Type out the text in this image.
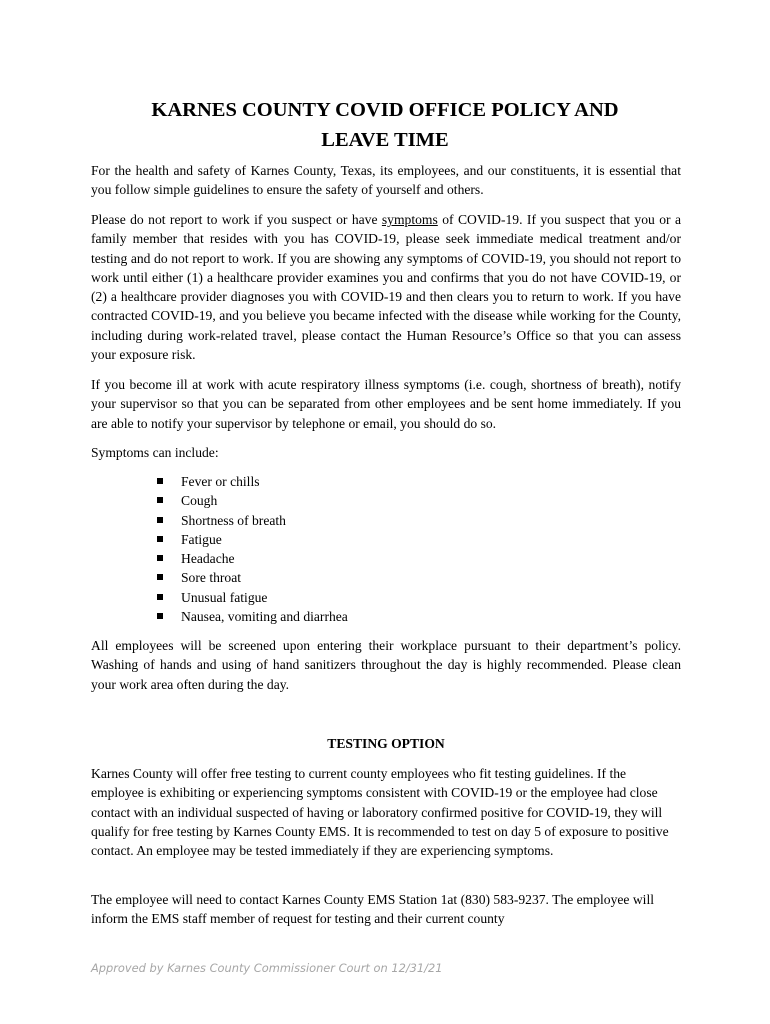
KARNES COUNTY COVID OFFICE POLICY AND
LEAVE TIME

For the health and safety of Karnes County, Texas, its employees, and our constituents, it is essential that you follow simple guidelines to ensure the safety of yourself and others.

Please do not report to work if you suspect or have symptoms of COVID-19. If you suspect that you or a family member that resides with you has COVID-19, please seek immediate medical treatment and/or testing and do not report to work. If you are showing any symptoms of COVID-19, you should not report to work until either (1) a healthcare provider examines you and confirms that you do not have COVID-19, or (2) a healthcare provider diagnoses you with COVID-19 and then clears you to return to work. If you have contracted COVID-19, and you believe you became infected with the disease while working for the County, including during work-related travel, please contact the Human Resource’s Office so that you can assess your exposure risk.

If you become ill at work with acute respiratory illness symptoms (i.e. cough, shortness of breath), notify your supervisor so that you can be separated from other employees and be sent home immediately. If you are able to notify your supervisor by telephone or email, you should do so.

Symptoms can include:

Fever or chills
Cough
Shortness of breath
Fatigue
Headache
Sore throat
Unusual fatigue
Nausea, vomiting and diarrhea

All employees will be screened upon entering their workplace pursuant to their department’s policy. Washing of hands and using of hand sanitizers throughout the day is highly recommended. Please clean your work area often during the day.

TESTING OPTION

Karnes County will offer free testing to current county employees who fit testing guidelines. If the employee is exhibiting or experiencing symptoms consistent with COVID-19 or the employee had close contact with an individual suspected of having or laboratory confirmed positive for COVID-19, they will qualify for free testing by Karnes County EMS. It is recommended to test on day 5 of exposure to positive contact. An employee may be tested immediately if they are experiencing symptoms.

The employee will need to contact Karnes County EMS Station 1at (830) 583-9237. The employee will inform the EMS staff member of request for testing and their current county

Approved by Karnes County Commissioner Court on 12/31/21
